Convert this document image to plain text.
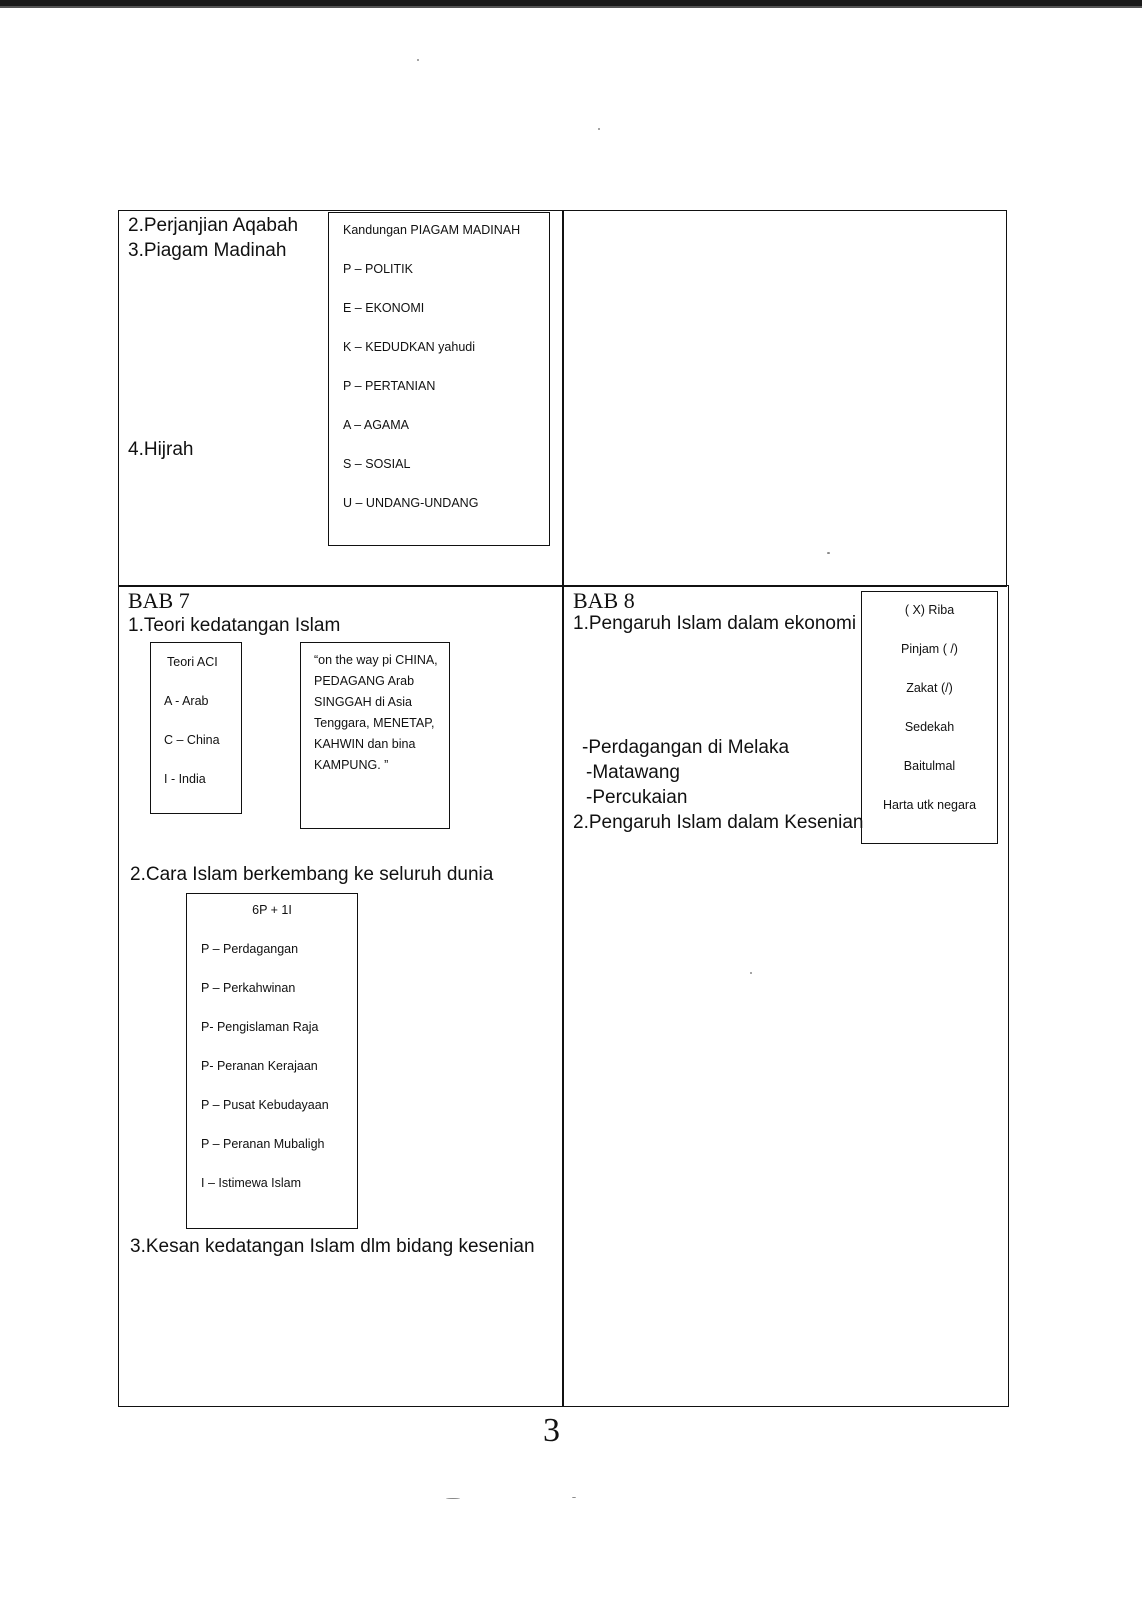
2.Perjanjian Aqabah
3.Piagam Madinah
4.Hijrah
Kandungan PIAGAM MADINAH
P – POLITIK
E – EKONOMI
K – KEDUDKAN yahudi
P – PERTANIAN
A – AGAMA
S – SOSIAL
U – UNDANG-UNDANG
BAB 7
1.Teori kedatangan Islam
Teori ACI
A - Arab
C – China
I - India
“on the way pi CHINA, PEDAGANG Arab SINGGAH di Asia Tenggara, MENETAP, KAHWIN dan bina KAMPUNG. ”
2.Cara Islam berkembang ke seluruh dunia
6P + 1I
P – Perdagangan
P – Perkahwinan
P- Pengislaman Raja
P- Peranan Kerajaan
P – Pusat Kebudayaan
P – Peranan Mubaligh
I – Istimewa Islam
3.Kesan kedatangan Islam dlm bidang kesenian
BAB 8
1.Pengaruh Islam dalam ekonomi
-Perdagangan di Melaka
-Matawang
-Percukaian
2.Pengaruh Islam dalam Kesenian
( X) Riba
Pinjam ( /)
Zakat (/)
Sedekah
Baitulmal
Harta utk negara
3
